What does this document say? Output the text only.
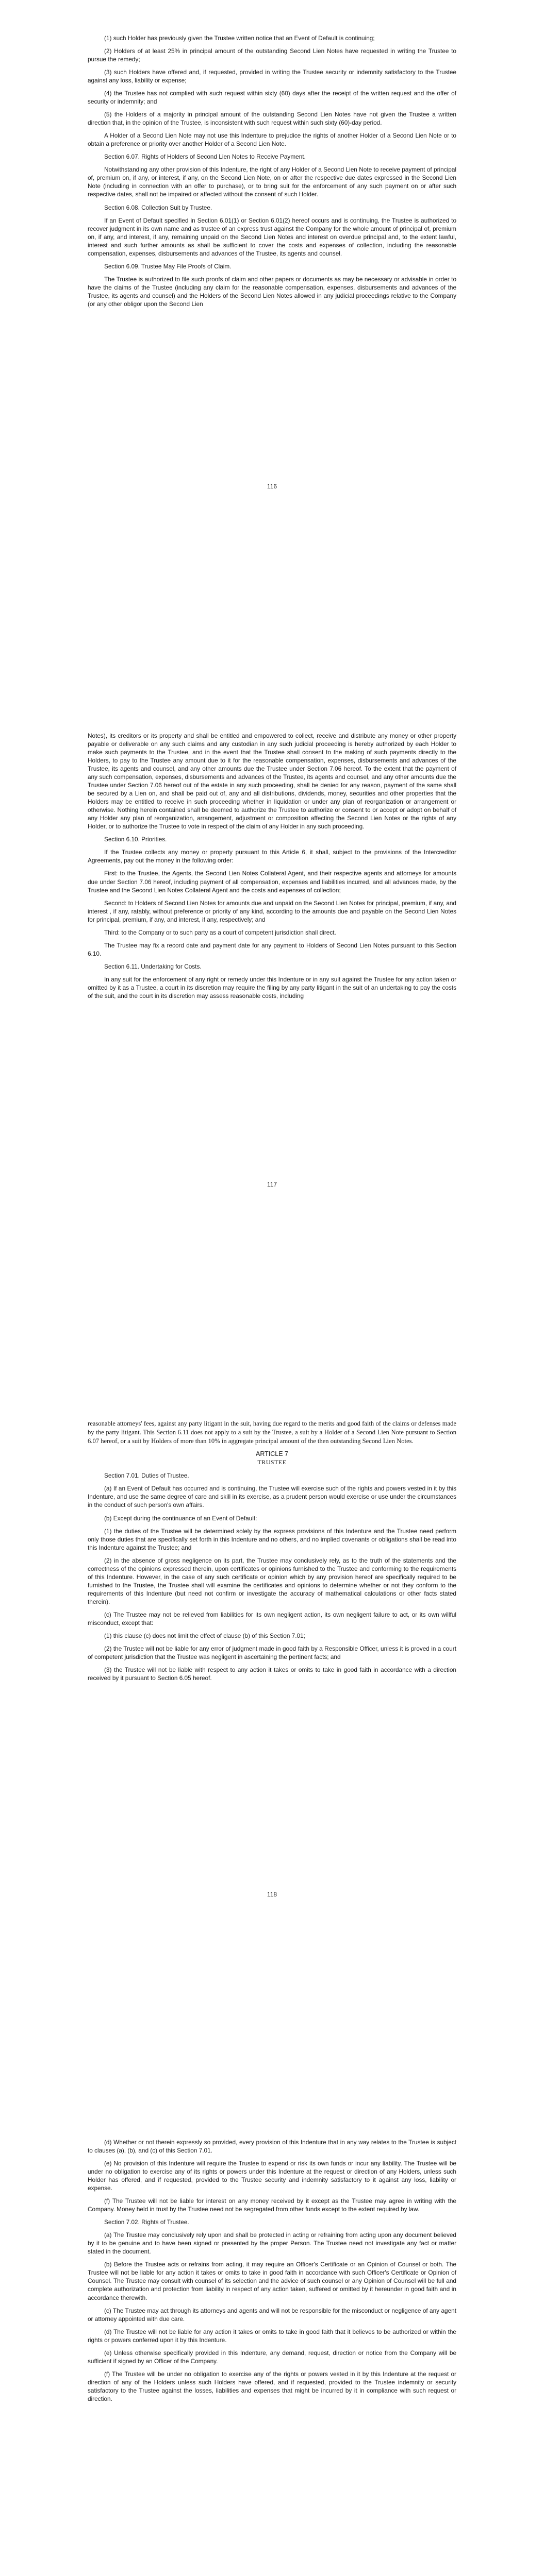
(1) such Holder has previously given the Trustee written notice that an Event of Default is continuing;

(2) Holders of at least 25% in principal amount of the outstanding Second Lien Notes have requested in writing the Trustee to pursue the remedy;

(3) such Holders have offered and, if requested, provided in writing the Trustee security or indemnity satisfactory to the Trustee against any loss, liability or expense;

(4) the Trustee has not complied with such request within sixty (60) days after the receipt of the written request and the offer of security or indemnity; and

(5) the Holders of a majority in principal amount of the outstanding Second Lien Notes have not given the Trustee a written direction that, in the opinion of the Trustee, is inconsistent with such request within such sixty (60)-day period.

A Holder of a Second Lien Note may not use this Indenture to prejudice the rights of another Holder of a Second Lien Note or to obtain a preference or priority over another Holder of a Second Lien Note.

Section 6.07. Rights of Holders of Second Lien Notes to Receive Payment.

Notwithstanding any other provision of this Indenture, the right of any Holder of a Second Lien Note to receive payment of principal of, premium on, if any, or interest, if any, on the Second Lien Note, on or after the respective due dates expressed in the Second Lien Note (including in connection with an offer to purchase), or to bring suit for the enforcement of any such payment on or after such respective dates, shall not be impaired or affected without the consent of such Holder.

Section 6.08. Collection Suit by Trustee.

If an Event of Default specified in Section 6.01(1) or Section 6.01(2) hereof occurs and is continuing, the Trustee is authorized to recover judgment in its own name and as trustee of an express trust against the Company for the whole amount of principal of, premium on, if any, and interest, if any, remaining unpaid on the Second Lien Notes and interest on overdue principal and, to the extent lawful, interest and such further amounts as shall be sufficient to cover the costs and expenses of collection, including the reasonable compensation, expenses, disbursements and advances of the Trustee, its agents and counsel.

Section 6.09. Trustee May File Proofs of Claim.

The Trustee is authorized to file such proofs of claim and other papers or documents as may be necessary or advisable in order to have the claims of the Trustee (including any claim for the reasonable compensation, expenses, disbursements and advances of the Trustee, its agents and counsel) and the Holders of the Second Lien Notes allowed in any judicial proceedings relative to the Company (or any other obligor upon the Second Lien

116

Notes), its creditors or its property and shall be entitled and empowered to collect, receive and distribute any money or other property payable or deliverable on any such claims and any custodian in any such judicial proceeding is hereby authorized by each Holder to make such payments to the Trustee, and in the event that the Trustee shall consent to the making of such payments directly to the Holders, to pay to the Trustee any amount due to it for the reasonable compensation, expenses, disbursements and advances of the Trustee, its agents and counsel, and any other amounts due the Trustee under Section 7.06 hereof. To the extent that the payment of any such compensation, expenses, disbursements and advances of the Trustee, its agents and counsel, and any other amounts due the Trustee under Section 7.06 hereof out of the estate in any such proceeding, shall be denied for any reason, payment of the same shall be secured by a Lien on, and shall be paid out of, any and all distributions, dividends, money, securities and other properties that the Holders may be entitled to receive in such proceeding whether in liquidation or under any plan of reorganization or arrangement or otherwise. Nothing herein contained shall be deemed to authorize the Trustee to authorize or consent to or accept or adopt on behalf of any Holder any plan of reorganization, arrangement, adjustment or composition affecting the Second Lien Notes or the rights of any Holder, or to authorize the Trustee to vote in respect of the claim of any Holder in any such proceeding.

Section 6.10. Priorities.

If the Trustee collects any money or property pursuant to this Article 6, it shall, subject to the provisions of the Intercreditor Agreements, pay out the money in the following order:

First: to the Trustee, the Agents, the Second Lien Notes Collateral Agent, and their respective agents and attorneys for amounts due under Section 7.06 hereof, including payment of all compensation, expenses and liabilities incurred, and all advances made, by the Trustee and the Second Lien Notes Collateral Agent and the costs and expenses of collection;

Second: to Holders of Second Lien Notes for amounts due and unpaid on the Second Lien Notes for principal, premium, if any, and interest , if any, ratably, without preference or priority of any kind, according to the amounts due and payable on the Second Lien Notes for principal, premium, if any, and interest, if any, respectively; and

Third: to the Company or to such party as a court of competent jurisdiction shall direct.

The Trustee may fix a record date and payment date for any payment to Holders of Second Lien Notes pursuant to this Section 6.10.

Section 6.11. Undertaking for Costs.

In any suit for the enforcement of any right or remedy under this Indenture or in any suit against the Trustee for any action taken or omitted by it as a Trustee, a court in its discretion may require the filing by any party litigant in the suit of an undertaking to pay the costs of the suit, and the court in its discretion may assess reasonable costs, including

117

reasonable attorneys' fees, against any party litigant in the suit, having due regard to the merits and good faith of the claims or defenses made by the party litigant. This Section 6.11 does not apply to a suit by the Trustee, a suit by a Holder of a Second Lien Note pursuant to Section 6.07 hereof, or a suit by Holders of more than 10% in aggregate principal amount of the then outstanding Second Lien Notes.

ARTICLE 7
TRUSTEE

Section 7.01. Duties of Trustee.

(a) If an Event of Default has occurred and is continuing, the Trustee will exercise such of the rights and powers vested in it by this Indenture, and use the same degree of care and skill in its exercise, as a prudent person would exercise or use under the circumstances in the conduct of such person's own affairs.

(b) Except during the continuance of an Event of Default:

(1) the duties of the Trustee will be determined solely by the express provisions of this Indenture and the Trustee need perform only those duties that are specifically set forth in this Indenture and no others, and no implied covenants or obligations shall be read into this Indenture against the Trustee; and

(2) in the absence of gross negligence on its part, the Trustee may conclusively rely, as to the truth of the statements and the correctness of the opinions expressed therein, upon certificates or opinions furnished to the Trustee and conforming to the requirements of this Indenture. However, in the case of any such certificate or opinion which by any provision hereof are specifically required to be furnished to the Trustee, the Trustee shall will examine the certificates and opinions to determine whether or not they conform to the requirements of this Indenture (but need not confirm or investigate the accuracy of mathematical calculations or other facts stated therein).

(c) The Trustee may not be relieved from liabilities for its own negligent action, its own negligent failure to act, or its own willful misconduct, except that:

(1) this clause (c) does not limit the effect of clause (b) of this Section 7.01;

(2) the Trustee will not be liable for any error of judgment made in good faith by a Responsible Officer, unless it is proved in a court of competent jurisdiction that the Trustee was negligent in ascertaining the pertinent facts; and

(3) the Trustee will not be liable with respect to any action it takes or omits to take in good faith in accordance with a direction received by it pursuant to Section 6.05 hereof.

118

(d) Whether or not therein expressly so provided, every provision of this Indenture that in any way relates to the Trustee is subject to clauses (a), (b), and (c) of this Section 7.01.

(e) No provision of this Indenture will require the Trustee to expend or risk its own funds or incur any liability. The Trustee will be under no obligation to exercise any of its rights or powers under this Indenture at the request or direction of any Holders, unless such Holder has offered, and if requested, provided to the Trustee security and indemnity satisfactory to it against any loss, liability or expense.

(f) The Trustee will not be liable for interest on any money received by it except as the Trustee may agree in writing with the Company. Money held in trust by the Trustee need not be segregated from other funds except to the extent required by law.

Section 7.02. Rights of Trustee.

(a) The Trustee may conclusively rely upon and shall be protected in acting or refraining from acting upon any document believed by it to be genuine and to have been signed or presented by the proper Person. The Trustee need not investigate any fact or matter stated in the document.

(b) Before the Trustee acts or refrains from acting, it may require an Officer's Certificate or an Opinion of Counsel or both. The Trustee will not be liable for any action it takes or omits to take in good faith in accordance with such Officer's Certificate or Opinion of Counsel. The Trustee may consult with counsel of its selection and the advice of such counsel or any Opinion of Counsel will be full and complete authorization and protection from liability in respect of any action taken, suffered or omitted by it hereunder in good faith and in accordance therewith.

(c) The Trustee may act through its attorneys and agents and will not be responsible for the misconduct or negligence of any agent or attorney appointed with due care.

(d) The Trustee will not be liable for any action it takes or omits to take in good faith that it believes to be authorized or within the rights or powers conferred upon it by this Indenture.

(e) Unless otherwise specifically provided in this Indenture, any demand, request, direction or notice from the Company will be sufficient if signed by an Officer of the Company.

(f) The Trustee will be under no obligation to exercise any of the rights or powers vested in it by this Indenture at the request or direction of any of the Holders unless such Holders have offered, and if requested, provided to the Trustee indemnity or security satisfactory to the Trustee against the losses, liabilities and expenses that might be incurred by it in compliance with such request or direction.
